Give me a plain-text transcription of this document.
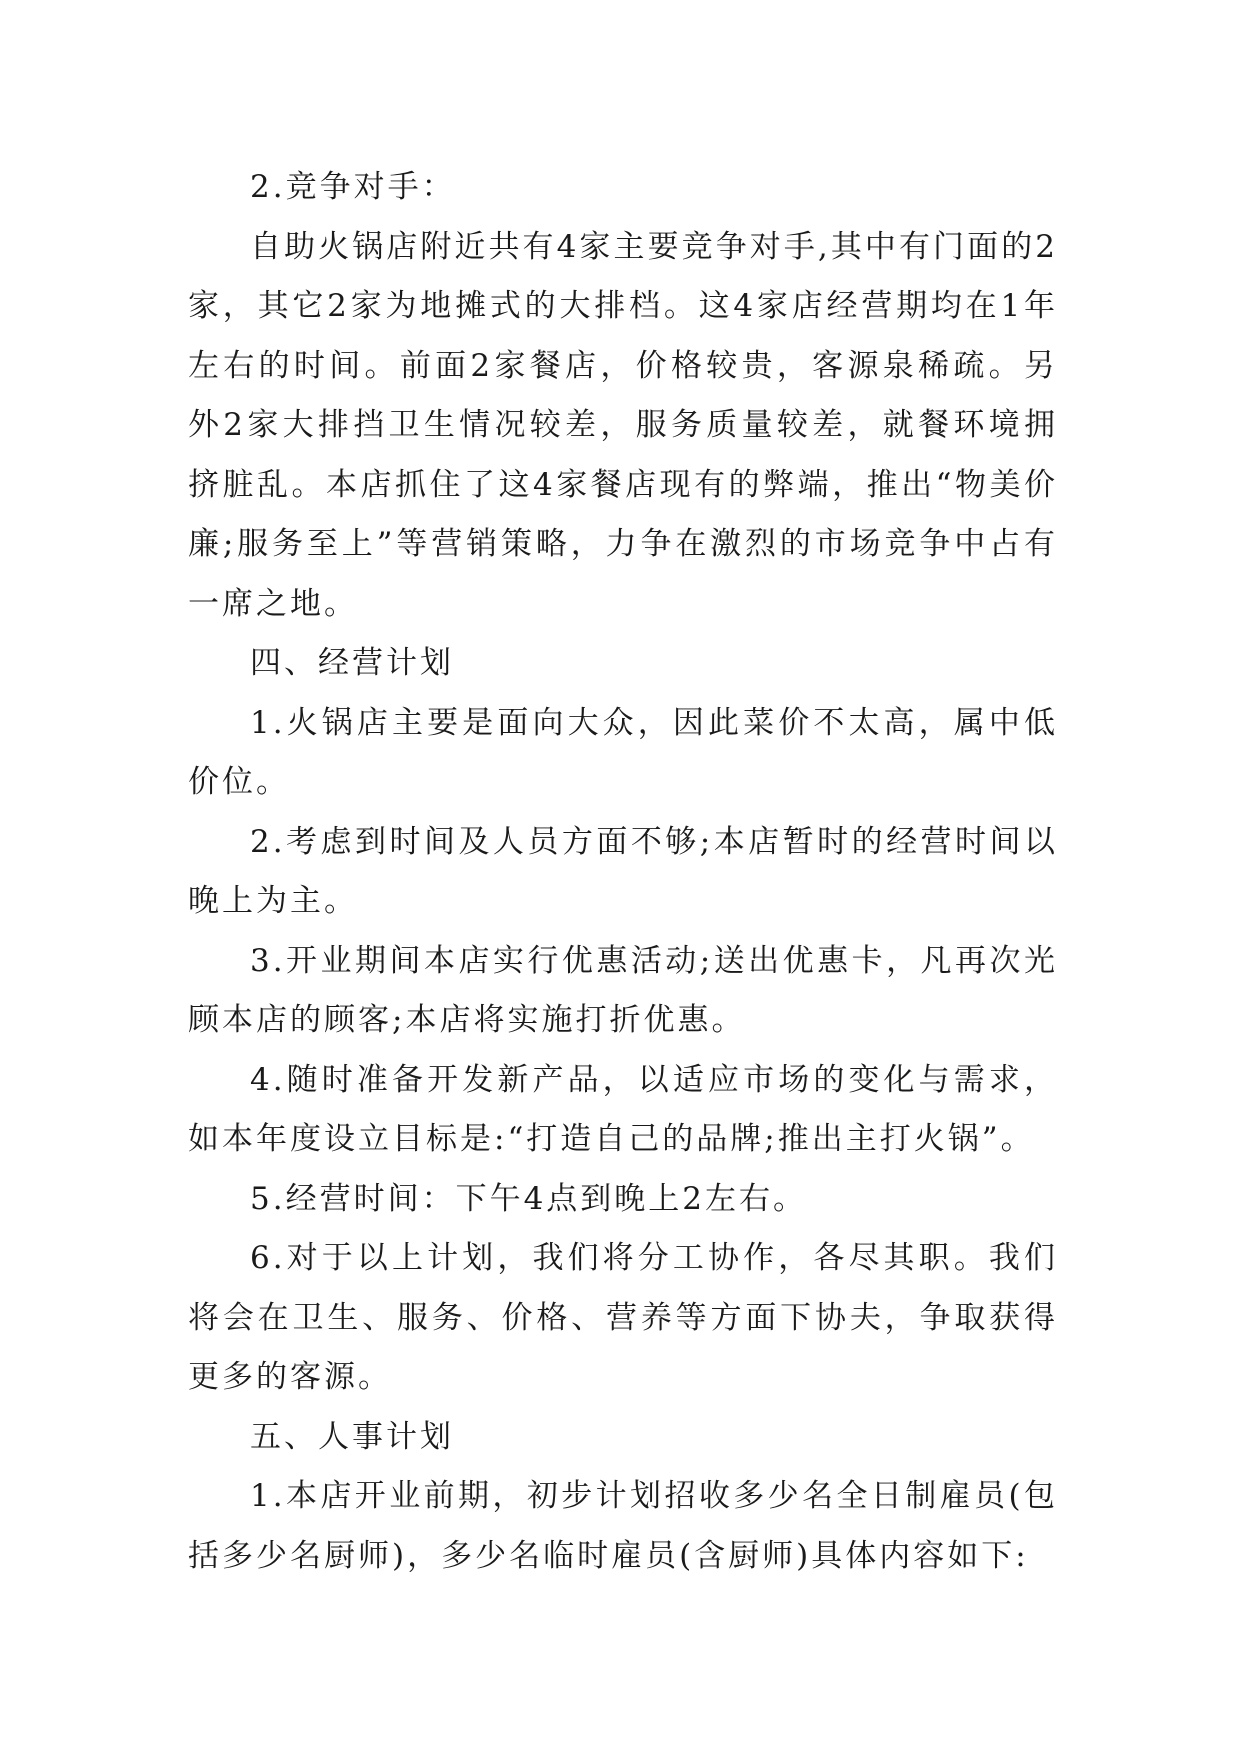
2.竞争对手：

自助火锅店附近共有4家主要竞争对手,其中有门面的2家，其它2家为地摊式的大排档。这4家店经营期均在1年左右的时间。前面2家餐店，价格较贵，客源泉稀疏。另外2家大排挡卫生情况较差，服务质量较差，就餐环境拥挤脏乱。本店抓住了这4家餐店现有的弊端，推出“物美价廉;服务至上”等营销策略，力争在激烈的市场竞争中占有一席之地。

四、经营计划

1.火锅店主要是面向大众，因此菜价不太高，属中低价位。

2.考虑到时间及人员方面不够;本店暂时的经营时间以晚上为主。

3.开业期间本店实行优惠活动;送出优惠卡，凡再次光顾本店的顾客;本店将实施打折优惠。

4.随时准备开发新产品，以适应市场的变化与需求，如本年度设立目标是:“打造自己的品牌;推出主打火锅”。

5.经营时间：下午4点到晚上2左右。

6.对于以上计划，我们将分工协作，各尽其职。我们将会在卫生、服务、价格、营养等方面下协夫，争取获得更多的客源。

五、人事计划

1.本店开业前期，初步计划招收多少名全日制雇员(包括多少名厨师)，多少名临时雇员(含厨师)具体内容如下:
